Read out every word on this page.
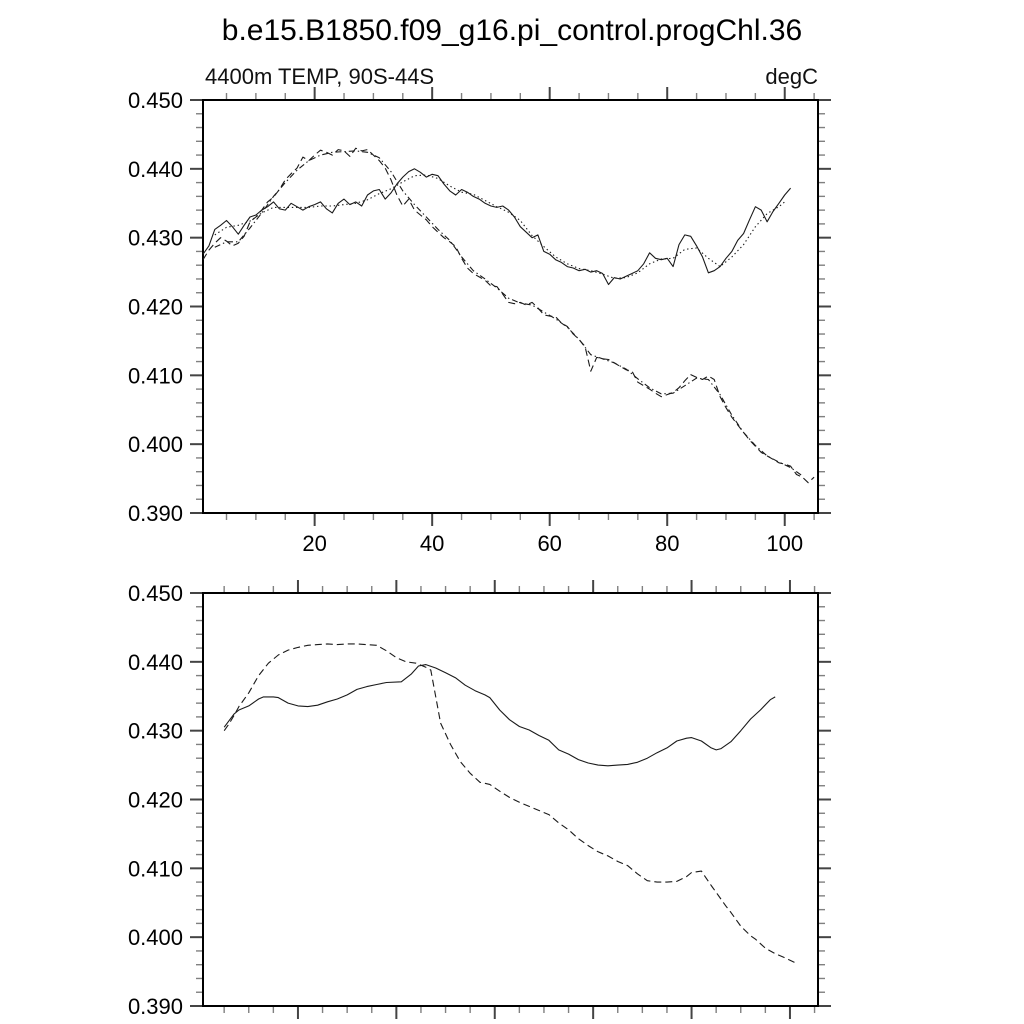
b.e15.B1850.f09_g16.pi_control.progChl.36
4400m TEMP, 90S-44S	degC
0.390
0.400
0.410
0.420
0.430
0.440
0.450
20	40	60	80	100
0.390
0.400
0.410
0.420
0.430
0.440
0.450
